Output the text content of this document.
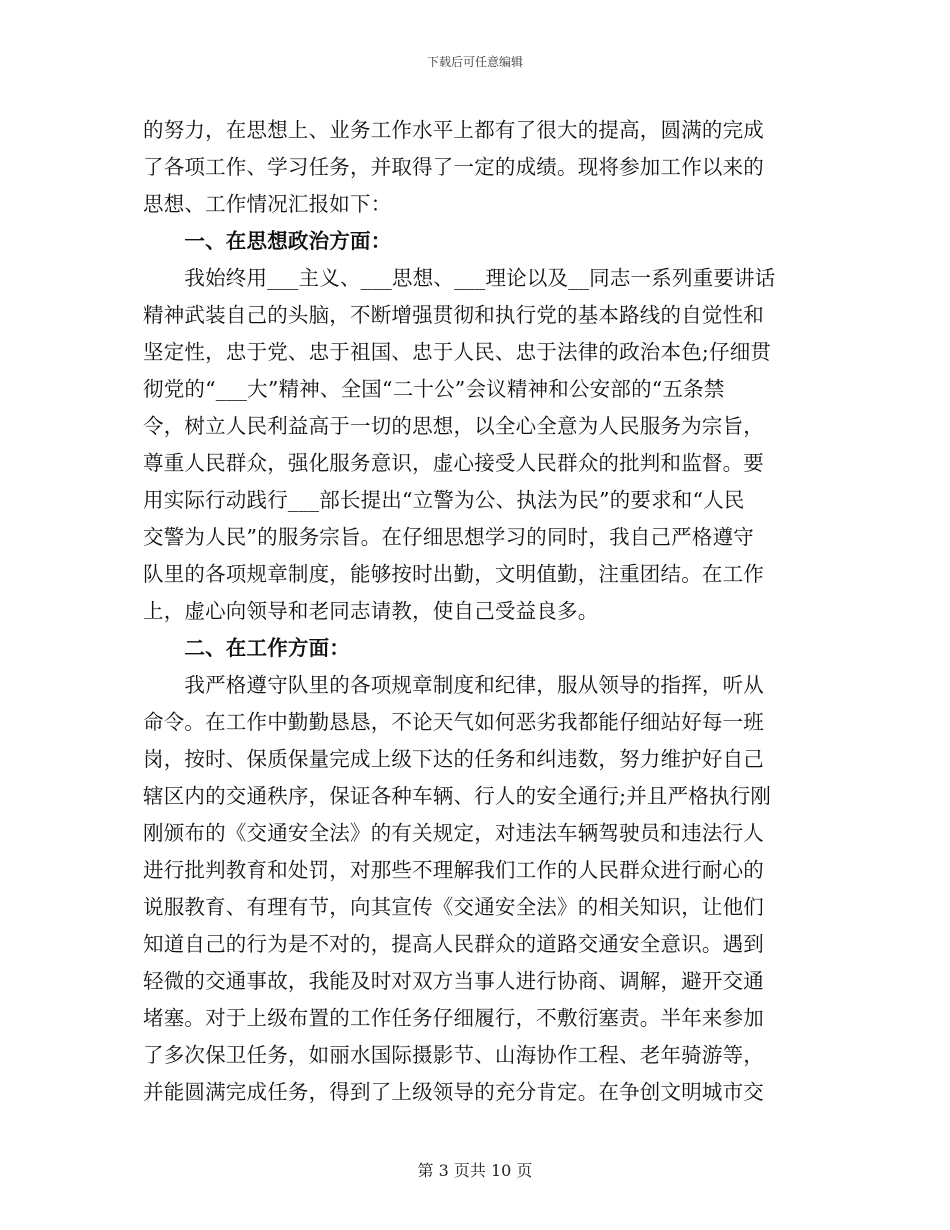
下载后可任意编辑
的努力，在思想上、业务工作水平上都有了很大的提高，圆满的完成
了各项工作、学习任务，并取得了一定的成绩。现将参加工作以来的
思想、工作情况汇报如下：
　　一、在思想政治方面：
　　我始终用___主义、___思想、___理论以及__同志一系列重要讲话
精神武装自己的头脑，不断增强贯彻和执行党的基本路线的自觉性和
坚定性，忠于党、忠于祖国、忠于人民、忠于法律的政治本色;仔细贯
彻党的“___大”精神、全国“二十公”会议精神和公安部的“五条禁
令，树立人民利益高于一切的思想，以全心全意为人民服务为宗旨，
尊重人民群众，强化服务意识，虚心接受人民群众的批判和监督。要
用实际行动践行___部长提出“立警为公、执法为民”的要求和“人民
交警为人民”的服务宗旨。在仔细思想学习的同时，我自己严格遵守
队里的各项规章制度，能够按时出勤，文明值勤，注重团结。在工作
上，虚心向领导和老同志请教，使自己受益良多。
　　二、在工作方面：
　　我严格遵守队里的各项规章制度和纪律，服从领导的指挥，听从
命令。在工作中勤勤恳恳，不论天气如何恶劣我都能仔细站好每一班
岗，按时、保质保量完成上级下达的任务和纠违数，努力维护好自己
辖区内的交通秩序，保证各种车辆、行人的安全通行;并且严格执行刚
刚颁布的《交通安全法》的有关规定，对违法车辆驾驶员和违法行人
进行批判教育和处罚，对那些不理解我们工作的人民群众进行耐心的
说服教育、有理有节，向其宣传《交通安全法》的相关知识，让他们
知道自己的行为是不对的，提高人民群众的道路交通安全意识。遇到
轻微的交通事故，我能及时对双方当事人进行协商、调解，避开交通
堵塞。对于上级布置的工作任务仔细履行，不敷衍塞责。半年来参加
了多次保卫任务，如丽水国际摄影节、山海协作工程、老年骑游等，
并能圆满完成任务，得到了上级领导的充分肯定。在争创文明城市交
第 3 页共 10 页
